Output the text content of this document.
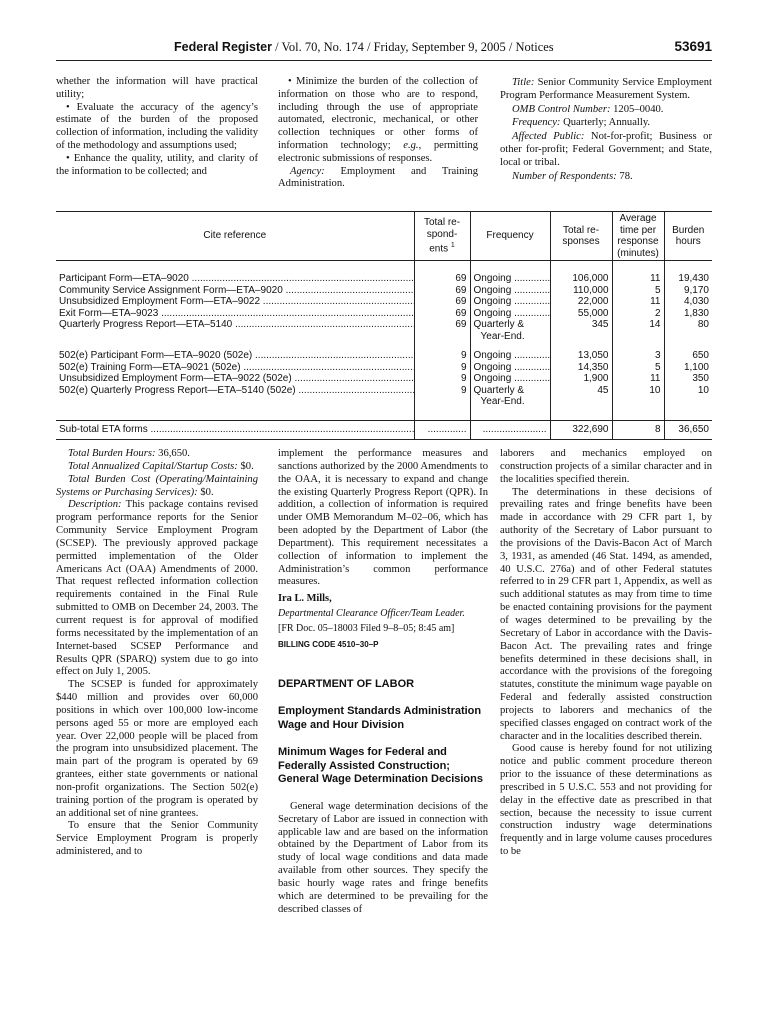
Federal Register / Vol. 70, No. 174 / Friday, September 9, 2005 / Notices	53691

whether the information will have practical utility;

• Evaluate the accuracy of the agency’s estimate of the burden of the proposed collection of information, including the validity of the methodology and assumptions used;

• Enhance the quality, utility, and clarity of the information to be collected; and

• Minimize the burden of the collection of information on those who are to respond, including through the use of appropriate automated, electronic, mechanical, or other collection techniques or other forms of information technology; e.g., permitting electronic submissions of responses.

Agency: Employment and Training Administration.

Title: Senior Community Service Employment Program Performance Measurement System.

OMB Control Number: 1205–0040.

Frequency: Quarterly; Annually.

Affected Public: Not-for-profit; Business or other for-profit; Federal Government; and State, local or tribal.

Number of Respondents: 78.

Cite reference	Total re-
spond-
ents $^1$	Frequency	Total re-
sponses	Average
time per
response
(minutes)	Burden
hours

Participant Form—ETA–9020 .....	69	Ongoing .....	106,000	11	19,430
Community Service Assignment Form—ETA–9020 .....	69	Ongoing .....	110,000	5	9,170
Unsubsidized Employment Form—ETA–9022 .....	69	Ongoing .....	22,000	11	4,030
Exit Form—ETA–9023 .....	69	Ongoing .....	55,000	2	1,830
Quarterly Progress Report—ETA–5140 .....	69	Quarterly &	345	14	80
		Year-End.			

502(e) Participant Form—ETA–9020 (502e) .....	9	Ongoing .....	13,050	3	650
502(e) Training Form—ETA–9021 (502e) .....	9	Ongoing .....	14,350	5	1,100
Unsubsidized Employment Form—ETA–9022 (502e) .....	9	Ongoing .....	1,900	11	350
502(e) Quarterly Progress Report—ETA–5140 (502e) .....	9	Quarterly &	45	10	10
		Year-End.			

Sub-total ETA forms .....	..............	.......................	322,690	8	36,650

Total Burden Hours: 36,650.

Total Annualized Capital/Startup Costs: $0.

Total Burden Cost (Operating/Maintaining Systems or Purchasing Services): $0.

Description: This package contains revised program performance reports for the Senior Community Service Employment Program (SCSEP). The previously approved package permitted implementation of the Older Americans Act (OAA) Amendments of 2000. That request reflected information collection requirements contained in the Final Rule submitted to OMB on December 24, 2003. The current request is for approval of modified forms necessitated by the implementation of an Internet-based SCSEP Performance and Results QPR (SPARQ) system due to go into effect on July 1, 2005.

The SCSEP is funded for approximately $440 million and provides over 60,000 positions in which over 100,000 low-income persons aged 55 or more are employed each year. Over 22,000 people will be placed from the program into unsubsidized placement. The main part of the program is operated by 69 grantees, either state governments or national non-profit organizations. The Section 502(e) training portion of the program is operated by an additional set of nine grantees.

To ensure that the Senior Community Service Employment Program is properly administered, and to

implement the performance measures and sanctions authorized by the 2000 Amendments to the OAA, it is necessary to expand and change the existing Quarterly Progress Report (QPR). In addition, a collection of information is required under OMB Memorandum M–02–06, which has been adopted by the Department of Labor (the Department). This requirement necessitates a collection of information to implement the Administration’s common performance measures.

Ira L. Mills,

Departmental Clearance Officer/Team Leader.

[FR Doc. 05–18003 Filed 9–8–05; 8:45 am]

BILLING CODE 4510–30–P

DEPARTMENT OF LABOR

Employment Standards Administration Wage and Hour Division

Minimum Wages for Federal and Federally Assisted Construction; General Wage Determination Decisions

General wage determination decisions of the Secretary of Labor are issued in connection with applicable law and are based on the information obtained by the Department of Labor from its study of local wage conditions and data made available from other sources. They specify the basic hourly wage rates and fringe benefits which are determined to be prevailing for the described classes of

laborers and mechanics employed on construction projects of a similar character and in the localities specified therein.

The determinations in these decisions of prevailing rates and fringe benefits have been made in accordance with 29 CFR part 1, by authority of the Secretary of Labor pursuant to the provisions of the Davis-Bacon Act of March 3, 1931, as amended (46 Stat. 1494, as amended, 40 U.S.C. 276a) and of other Federal statutes referred to in 29 CFR part 1, Appendix, as well as such additional statutes as may from time to time be enacted containing provisions for the payment of wages determined to be prevailing by the Secretary of Labor in accordance with the Davis-Bacon Act. The prevailing rates and fringe benefits determined in these decisions shall, in accordance with the provisions of the foregoing statutes, constitute the minimum wage payable on Federal and federally assisted construction projects to laborers and mechanics of the specified classes engaged on contract work of the character and in the localities described therein.

Good cause is hereby found for not utilizing notice and public comment procedure thereon prior to the issuance of these determinations as prescribed in 5 U.S.C. 553 and not providing for delay in the effective date as prescribed in that section, because the necessity to issue current construction industry wage determinations frequently and in large volume causes procedures to be
